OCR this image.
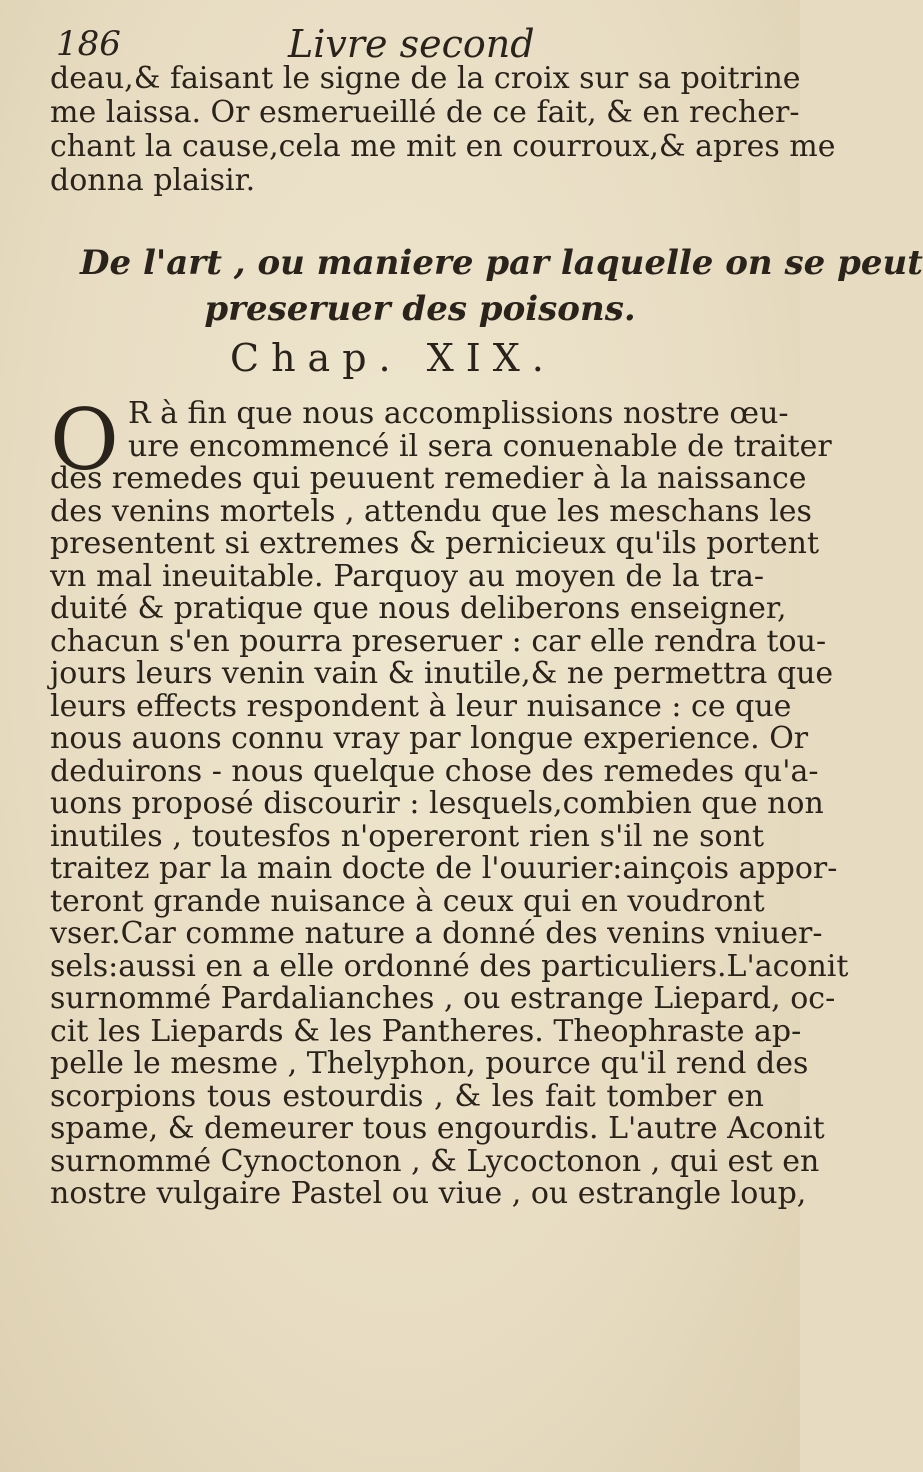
186	Livre second
deau,& faisant le signe de la croix sur sa poitrine
me laissa. Or esmerueillé de ce fait, & en recher-
chant la cause,cela me mit en courroux,& apres me
donna plaisir.
De l'art , ou maniere par laquelle on se peut
preseruer des poisons.
Chap. XIX.
O R à fin que nous accomplissions nostre œu-
ure encommencé il sera conuenable de traiter
des remedes qui peuuent remedier à la naissance
des venins mortels , attendu que les meschans les
presentent si extremes & pernicieux qu'ils portent
vn mal ineuitable. Parquoy au moyen de la tra-
duité & pratique que nous deliberons enseigner,
chacun s'en pourra preseruer : car elle rendra tou-
jours leurs venin vain & inutile,& ne permettra que
leurs effects respondent à leur nuisance : ce que
nous auons connu vray par longue experience. Or
deduirons - nous quelque chose des remedes qu'a-
uons proposé discourir : lesquels,combien que non
inutiles , toutesfos n'opereront rien s'il ne sont
traitez par la main docte de l'ouurier:ainçois appor-
teront grande nuisance à ceux qui en voudront
vser.Car comme nature a donné des venins vniuer-
sels:aussi en a elle ordonné des particuliers.L'aconit
surnommé Pardalianches , ou estrange Liepard, oc-
cit les Liepards & les Pantheres. Theophraste ap-
pelle le mesme , Thelyphon, pource qu'il rend des
scorpions tous estourdis , & les fait tomber en
spame, & demeurer tous engourdis. L'autre Aconit
surnommé Cynoctonon , & Lycoctonon , qui est en
nostre vulgaire Pastel ou viue , ou estrangle loup,
